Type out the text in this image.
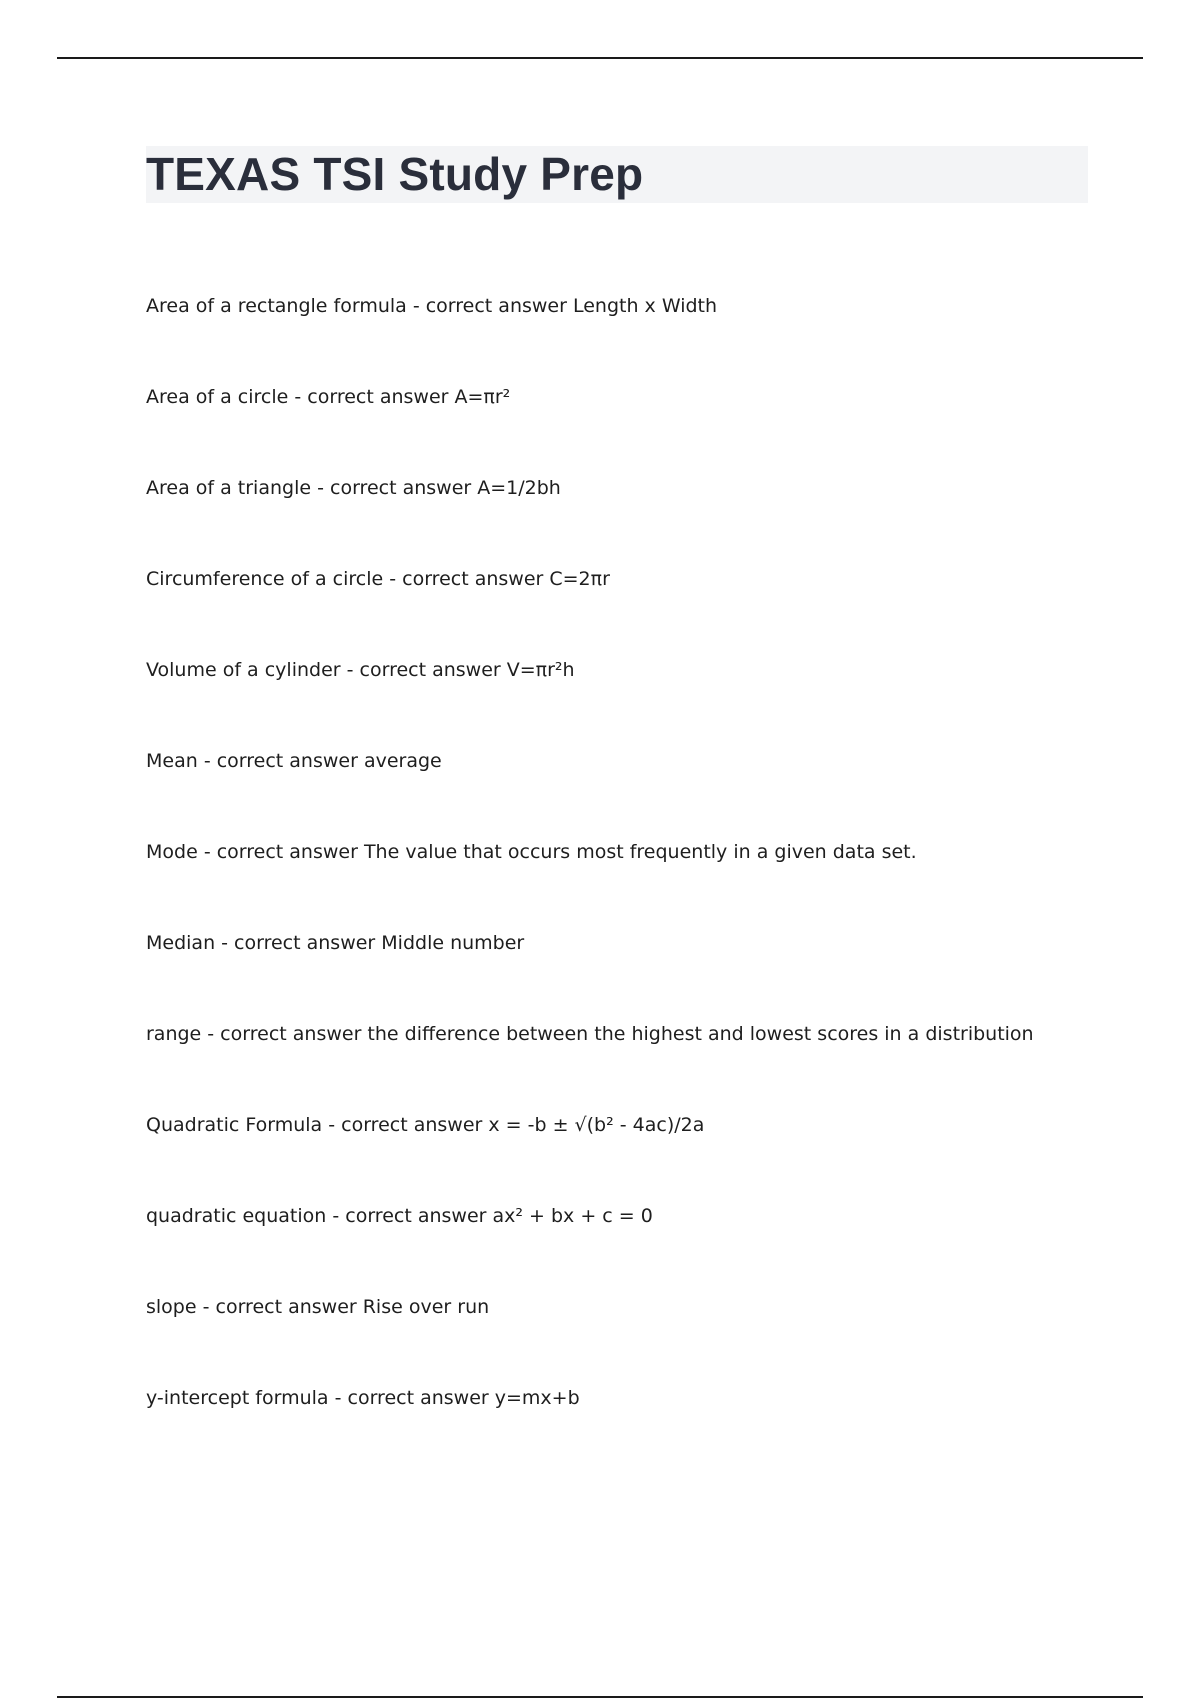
TEXAS TSI Study Prep
Area of a rectangle formula - correct answer Length x Width
Area of a circle - correct answer A=πr²
Area of a triangle - correct answer A=1/2bh
Circumference of a circle - correct answer C=2πr
Volume of a cylinder - correct answer V=πr²h
Mean - correct answer average
Mode - correct answer The value that occurs most frequently in a given data set.
Median - correct answer Middle number
range - correct answer the difference between the highest and lowest scores in a distribution
Quadratic Formula - correct answer x = -b ± √(b² - 4ac)/2a
quadratic equation - correct answer ax² + bx + c = 0
slope - correct answer Rise over run
y-intercept formula - correct answer y=mx+b
